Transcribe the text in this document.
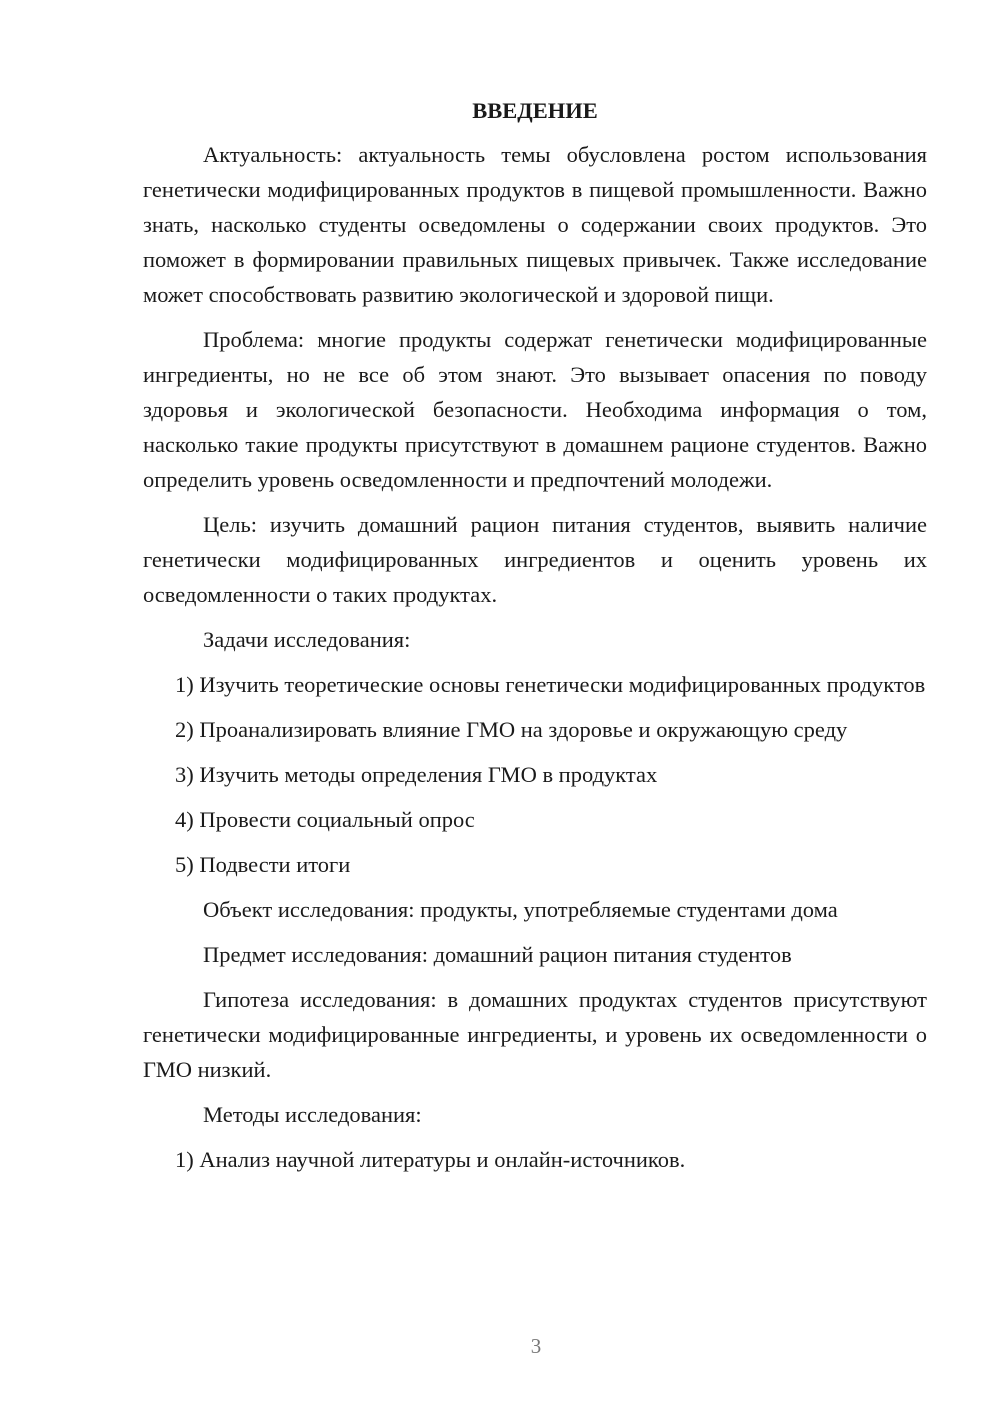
ВВЕДЕНИЕ

Актуальность: актуальность темы обусловлена ростом использования генетически модифицированных продуктов в пищевой промышленности. Важно знать, насколько студенты осведомлены о содержании своих продуктов. Это поможет в формировании правильных пищевых привычек. Также исследование может способствовать развитию экологической и здоровой пищи.

Проблема: многие продукты содержат генетически модифицированные ингредиенты, но не все об этом знают. Это вызывает опасения по поводу здоровья и экологической безопасности. Необходима информация о том, насколько такие продукты присутствуют в домашнем рационе студентов. Важно определить уровень осведомленности и предпочтений молодежи.

Цель: изучить домашний рацион питания студентов, выявить наличие генетически модифицированных ингредиентов и оценить уровень их осведомленности о таких продуктах.

Задачи исследования:

1) Изучить теоретические основы генетически модифицированных продуктов

2) Проанализировать влияние ГМО на здоровье и окружающую среду

3) Изучить методы определения ГМО в продуктах

4) Провести социальный опрос

5) Подвести итоги

Объект исследования: продукты, употребляемые студентами дома

Предмет исследования: домашний рацион питания студентов

Гипотеза исследования: в домашних продуктах студентов присутствуют генетически модифицированные ингредиенты, и уровень их осведомленности о ГМО низкий.

Методы исследования:

1) Анализ научной литературы и онлайн-источников.

3
